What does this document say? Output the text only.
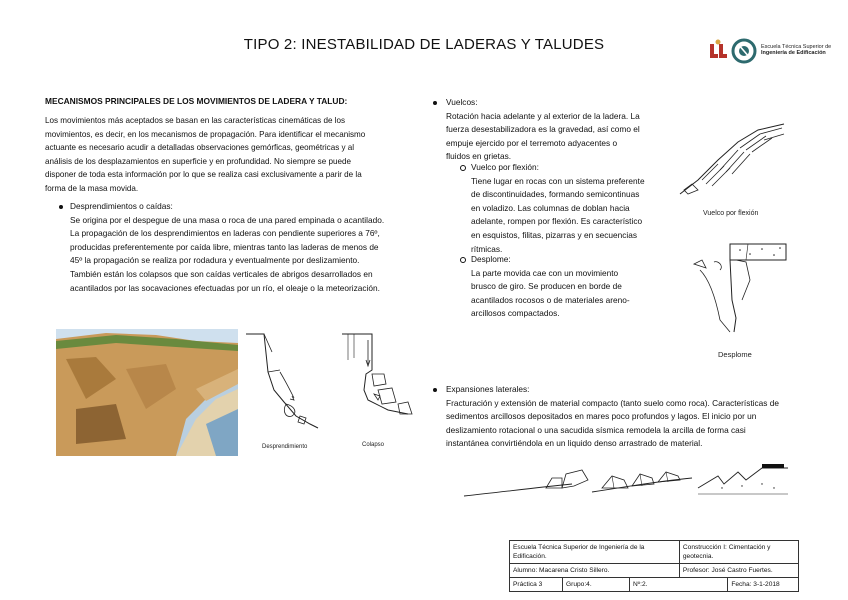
TIPO 2: INESTABILIDAD DE LADERAS Y TALUDES	Escuela Técnica Superior de
Ingeniería de Edificación
MECANISMOS PRINCIPALES DE LOS MOVIMIENTOS DE LADERA Y TALUD:
Los movimientos más aceptados se basan en las características cinemáticas de los
movimientos, es decir, en los mecanismos de propagación. Para identificar el mecanismo
actuante es necesario acudir a detalladas observaciones gemórficas, geométricas y al
análisis de los desplazamientos en superficie y en profundidad. No siempre se puede
disponer de toda esta información por lo que se realiza casi exclusivamente a parir de la
forma de la masa movida.
Desprendimientos o caídas:
Se origina por el despegue de una masa o roca de una pared empinada o acantilado.
La propagación de los desprendimientos en laderas con pendiente superiores a 76º,
producidas preferentemente por caída libre, mientras tanto las laderas de menos de
45º la propagación se realiza por rodadura y eventualmente por deslizamiento.
También están los colapsos que son caídas verticales de abrigos desarrollados en
acantilados por las socavaciones efectuadas por un río, el oleaje o la meteorización.
Desprendimiento	Colapso
Vuelcos:
Rotación hacia adelante y al exterior de la ladera. La
fuerza desestabilizadora es la gravedad, así como el
empuje ejercido por el terremoto adyacentes o
fluidos en grietas.
Vuelco por flexión:
Tiene lugar en rocas con un sistema preferente
de discontinuidades, formando semicontinuas
en voladizo. Las columnas de doblan hacia
adelante, rompen por flexión. Es característico
en esquistos, filitas, pizarras y en secuencias
rítmicas.
Desplome:
La parte movida cae con un movimiento
brusco de giro. Se producen en borde de
acantilados rocosos o de materiales areno-
arcillosos compactados.
Vuelco por flexión
Desplome
Expansiones laterales:
Fracturación y extensión de material compacto (tanto suelo como roca). Características de
sedimentos arcillosos depositados en mares poco profundos y lagos. El inicio por un
deslizamiento rotacional o una sacudida sísmica remodela la arcilla de forma casi
instantánea convirtiéndola en un liquido denso arrastrado de material.
Escuela Técnica Superior de Ingeniería de la Edificación.			Construcción I: Cimentación y geotecnia.	
Alumno: Macarena Cristo Sillero.			Profesor: José Castro Fuertes.	
Práctica 3	Grupo:4.	Nº:2.		Fecha: 3-1-2018
